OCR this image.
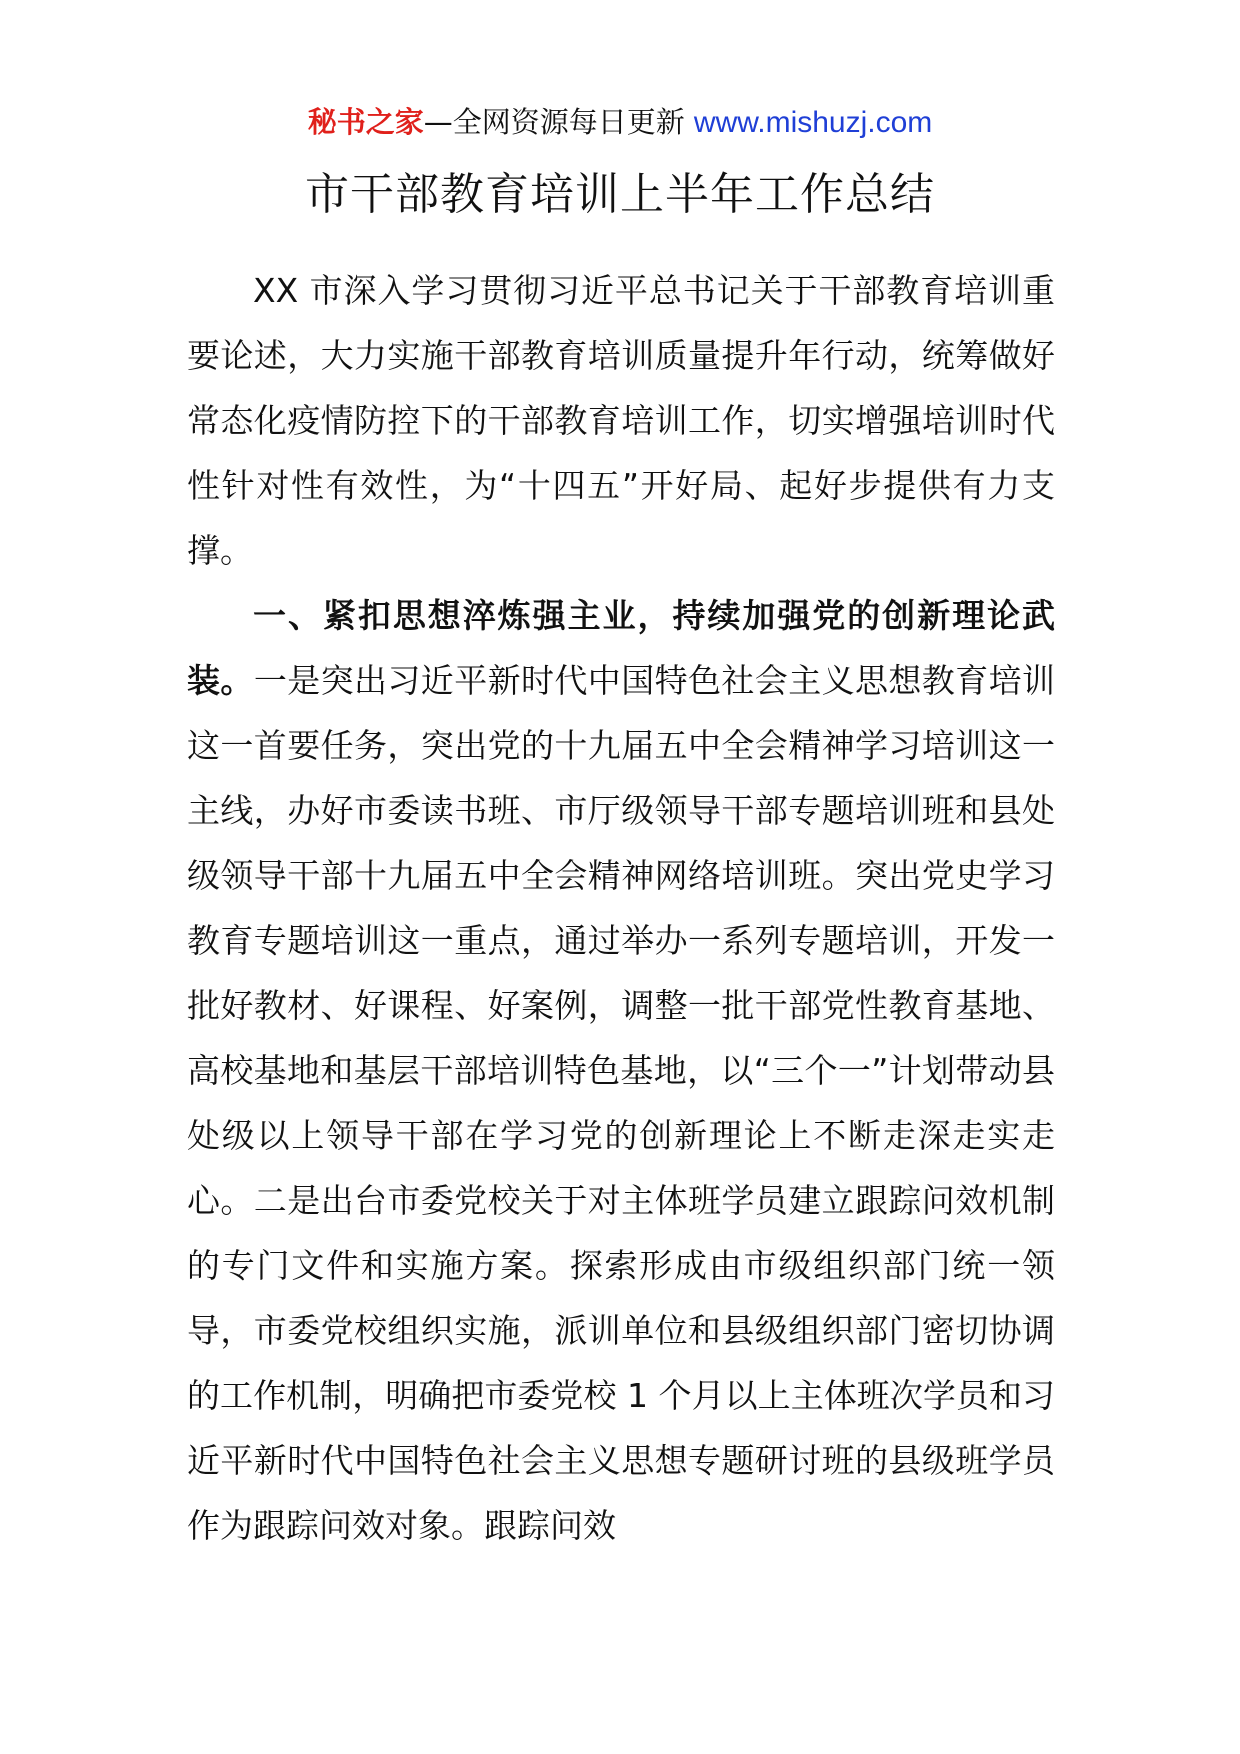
秘书之家—全网资源每日更新 www.mishuzj.com
市干部教育培训上半年工作总结

XX 市深入学习贯彻习近平总书记关于干部教育培训重要论述，大力实施干部教育培训质量提升年行动，统筹做好常态化疫情防控下的干部教育培训工作，切实增强培训时代性针对性有效性，为“十四五”开好局、起好步提供有力支撑。

一、紧扣思想淬炼强主业，持续加强党的创新理论武装。一是突出习近平新时代中国特色社会主义思想教育培训这一首要任务，突出党的十九届五中全会精神学习培训这一主线，办好市委读书班、市厅级领导干部专题培训班和县处级领导干部十九届五中全会精神网络培训班。突出党史学习教育专题培训这一重点，通过举办一系列专题培训，开发一批好教材、好课程、好案例，调整一批干部党性教育基地、高校基地和基层干部培训特色基地，以“三个一”计划带动县处级以上领导干部在学习党的创新理论上不断走深走实走心。二是出台市委党校关于对主体班学员建立跟踪问效机制的专门文件和实施方案。探索形成由市级组织部门统一领导，市委党校组织实施，派训单位和县级组织部门密切协调的工作机制，明确把市委党校 1 个月以上主体班次学员和习近平新时代中国特色社会主义思想专题研讨班的县级班学员作为跟踪问效对象。跟踪问效
